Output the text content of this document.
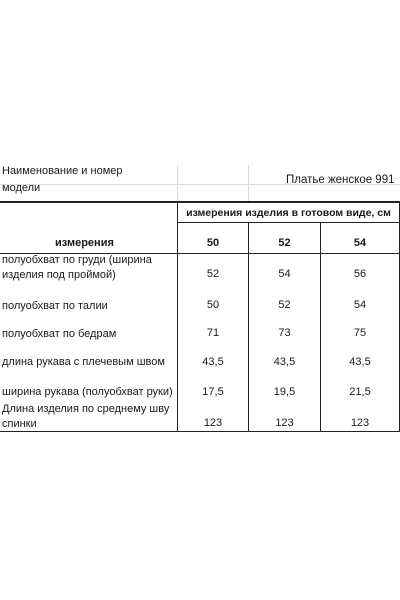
Наименование и номер
модели
Платье женское 991
измерения изделия в готовом виде, см
измерения	50	52	54
полуобхват по груди (ширина
изделия под проймой)	52	54	56
полуобхват по талии	50	52	54
полуобхват по бедрам	71	73	75
длина рукава с плечевым швом	43,5	43,5	43,5
ширина рукава (полуобхват руки)	17,5	19,5	21,5
Длина изделия по среднему шву
спинки	123	123	123
